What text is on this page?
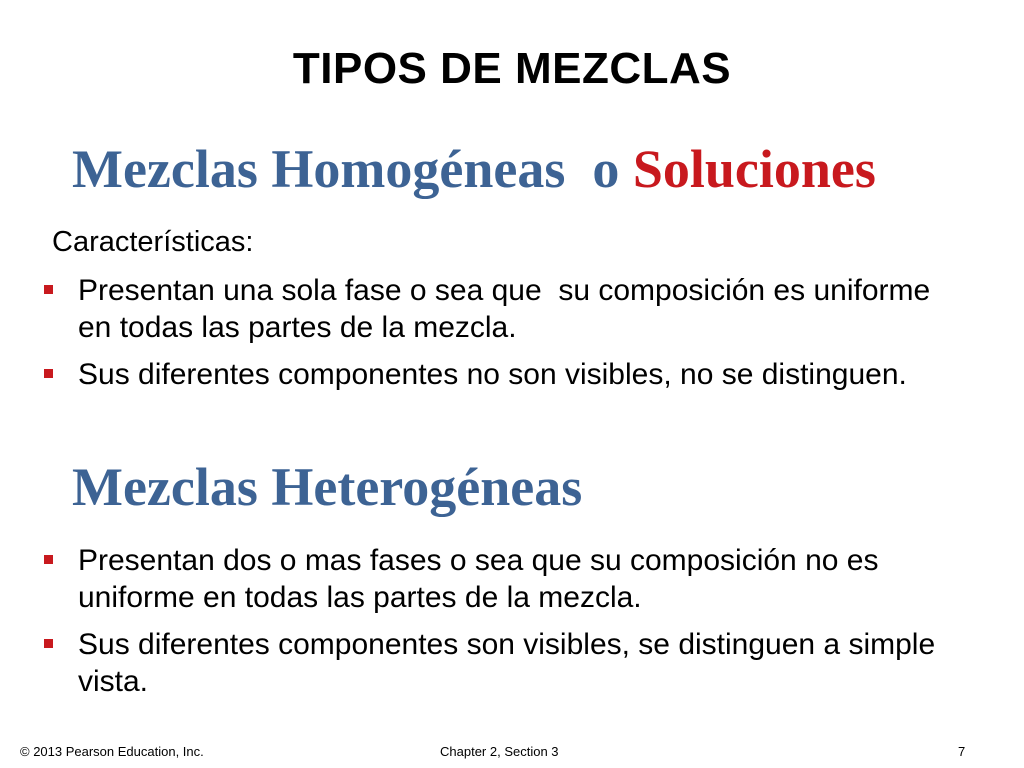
TIPOS DE MEZCLAS
Mezclas Homogéneas  o Soluciones
Características:
Presentan una sola fase o sea que  su composición es uniforme en todas las partes de la mezcla.
Sus diferentes componentes no son visibles, no se distinguen.
Mezclas Heterogéneas
Presentan dos o mas fases o sea que su composición no es uniforme en todas las partes de la mezcla.
Sus diferentes componentes son visibles, se distinguen a simple vista.
© 2013 Pearson Education, Inc.	Chapter 2, Section 3	7
